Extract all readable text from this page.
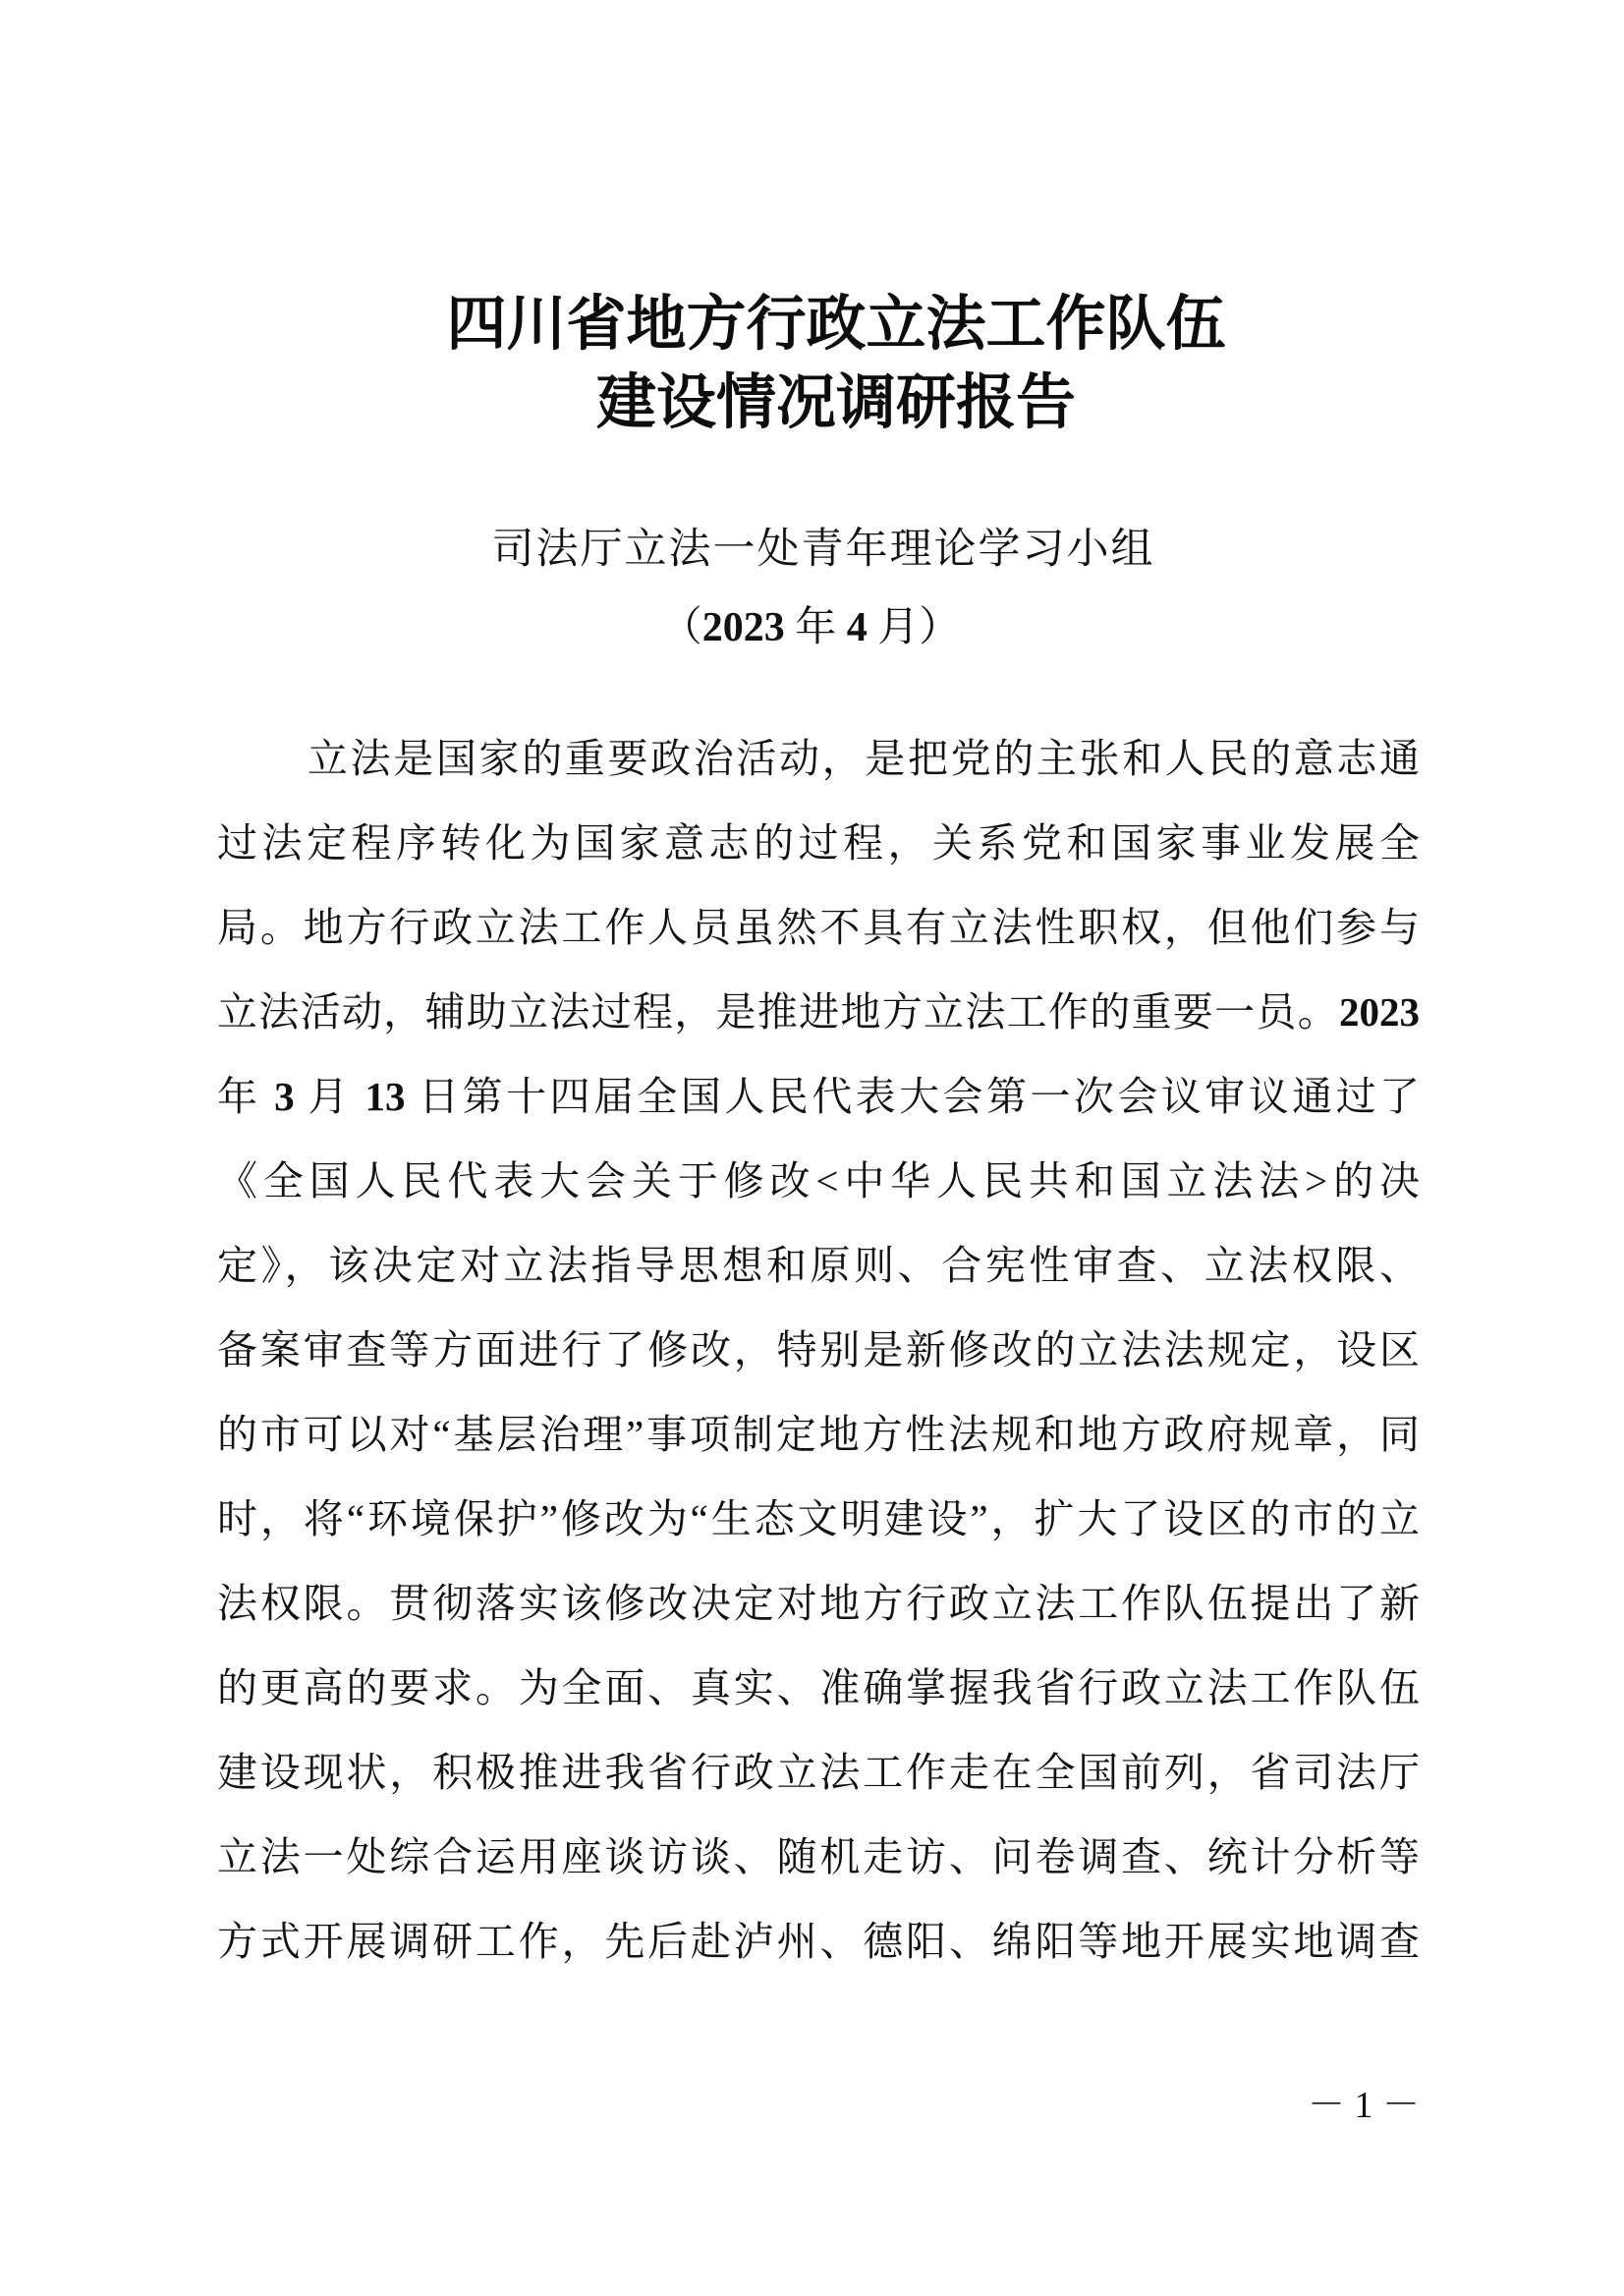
四川省地方行政立法工作队伍
建设情况调研报告
司法厅立法一处青年理论学习小组
（2023 年 4 月）
立法是国家的重要政治活动，是把党的主张和人民的意志通
过法定程序转化为国家意志的过程，关系党和国家事业发展全
局。地方行政立法工作人员虽然不具有立法性职权，但他们参与
立法活动，辅助立法过程，是推进地方立法工作的重要一员。2023
年 3 月 13 日第十四届全国人民代表大会第一次会议审议通过了
《全国人民代表大会关于修改<中华人民共和国立法法>的决
定》，该决定对立法指导思想和原则、合宪性审查、立法权限、
备案审查等方面进行了修改，特别是新修改的立法法规定，设区
的市可以对“基层治理”事项制定地方性法规和地方政府规章，同
时，将“环境保护”修改为“生态文明建设”，扩大了设区的市的立
法权限。贯彻落实该修改决定对地方行政立法工作队伍提出了新
的更高的要求。为全面、真实、准确掌握我省行政立法工作队伍
建设现状，积极推进我省行政立法工作走在全国前列，省司法厅
立法一处综合运用座谈访谈、随机走访、问卷调查、统计分析等
方式开展调研工作，先后赴泸州、德阳、绵阳等地开展实地调查
－ 1 －
